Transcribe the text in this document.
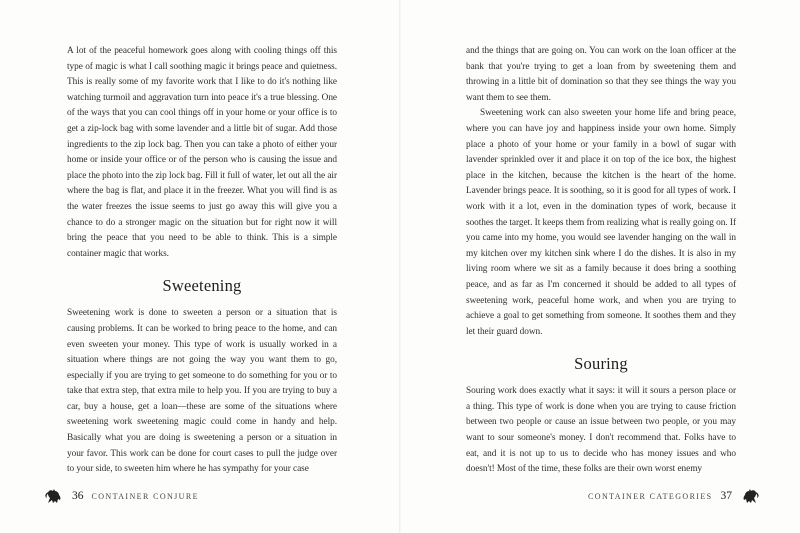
A lot of the peaceful homework goes along with cooling things off this type of magic is what I call soothing magic it brings peace and quietness. This is really some of my favorite work that I like to do it's nothing like watching turmoil and aggravation turn into peace it's a true blessing. One of the ways that you can cool things off in your home or your office is to get a zip-lock bag with some lavender and a little bit of sugar. Add those ingredients to the zip lock bag. Then you can take a photo of either your home or inside your office or of the person who is causing the issue and place the photo into the zip lock bag. Fill it full of water, let out all the air where the bag is flat, and place it in the freezer. What you will find is as the water freezes the issue seems to just go away this will give you a chance to do a stronger magic on the situation but for right now it will bring the peace that you need to be able to think. This is a simple container magic that works.

Sweetening

Sweetening work is done to sweeten a person or a situation that is causing problems. It can be worked to bring peace to the home, and can even sweeten your money. This type of work is usually worked in a situation where things are not going the way you want them to go, especially if you are trying to get someone to do something for you or to take that extra step, that extra mile to help you. If you are trying to buy a car, buy a house, get a loan—these are some of the situations where sweetening work sweetening magic could come in handy and help. Basically what you are doing is sweetening a person or a situation in your favor. This work can be done for court cases to pull the judge over to your side, to sweeten him where he has sympathy for your case

and the things that are going on. You can work on the loan officer at the bank that you're trying to get a loan from by sweetening them and throwing in a little bit of domination so that they see things the way you want them to see them.

Sweetening work can also sweeten your home life and bring peace, where you can have joy and happiness inside your own home. Simply place a photo of your home or your family in a bowl of sugar with lavender sprinkled over it and place it on top of the ice box, the highest place in the kitchen, because the kitchen is the heart of the home. Lavender brings peace. It is soothing, so it is good for all types of work. I work with it a lot, even in the domination types of work, because it soothes the target. It keeps them from realizing what is really going on. If you came into my home, you would see lavender hanging on the wall in my kitchen over my kitchen sink where I do the dishes. It is also in my living room where we sit as a family because it does bring a soothing peace, and as far as I'm concerned it should be added to all types of sweetening work, peaceful home work, and when you are trying to achieve a goal to get something from someone. It soothes them and they let their guard down.

Souring

Souring work does exactly what it says: it will it sours a person place or a thing. This type of work is done when you are trying to cause friction between two people or cause an issue between two people, or you may want to sour someone's money. I don't recommend that. Folks have to eat, and it is not up to us to decide who has money issues and who doesn't! Most of the time, these folks are their own worst enemy

36 CONTAINER CONJURE	CONTAINER CATEGORIES 37
